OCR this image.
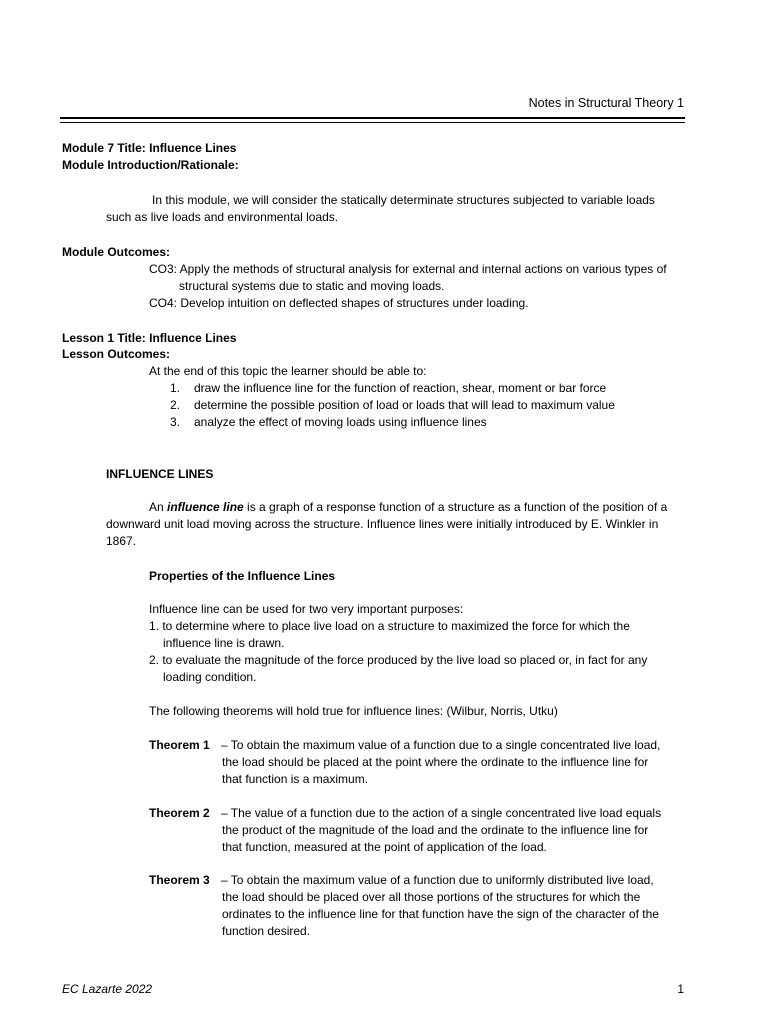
Notes in Structural Theory 1
Module 7 Title: Influence Lines
Module Introduction/Rationale:
In this module, we will consider the statically determinate structures subjected to variable loads
such as live loads and environmental loads.
Module Outcomes:
CO3: Apply the methods of structural analysis for external and internal actions on various types of
structural systems due to static and moving loads.
CO4: Develop intuition on deflected shapes of structures under loading.
Lesson 1 Title: Influence Lines
Lesson Outcomes:
At the end of this topic the learner should be able to:
1. draw the influence line for the function of reaction, shear, moment or bar force
2. determine the possible position of load or loads that will lead to maximum value
3. analyze the effect of moving loads using influence lines
INFLUENCE LINES
An influence line is a graph of a response function of a structure as a function of the position of a
downward unit load moving across the structure. Influence lines were initially introduced by E. Winkler in
1867.
Properties of the Influence Lines
Influence line can be used for two very important purposes:
1. to determine where to place live load on a structure to maximized the force for which the
influence line is drawn.
2. to evaluate the magnitude of the force produced by the live load so placed or, in fact for any
loading condition.
The following theorems will hold true for influence lines: (Wilbur, Norris, Utku)
Theorem 1 – To obtain the maximum value of a function due to a single concentrated live load,
the load should be placed at the point where the ordinate to the influence line for
that function is a maximum.
Theorem 2 – The value of a function due to the action of a single concentrated live load equals
the product of the magnitude of the load and the ordinate to the influence line for
that function, measured at the point of application of the load.
Theorem 3 – To obtain the maximum value of a function due to uniformly distributed live load,
the load should be placed over all those portions of the structures for which the
ordinates to the influence line for that function have the sign of the character of the
function desired.
EC Lazarte 2022	1
